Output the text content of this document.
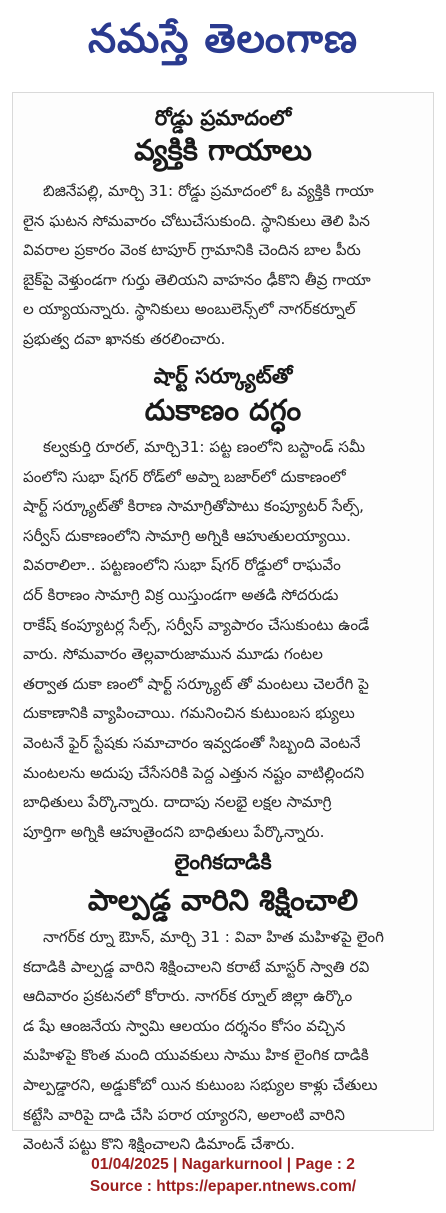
నమస్తే తెలంగాణ
రోడ్డు ప్రమాదంలో
వ్యక్తికి గాయాలు
బిజినేపల్లి, మార్చి 31: రోడ్డు ప్రమాదంలో ఓ వ్యక్తికి గాయా
లైన ఘటన సోమవారం చోటుచేసుకుంది. స్థానికులు తెలి పిన
వివరాల ప్రకారం వెంక టాపూర్ గ్రామానికి చెందిన బాల పీరు
బైక్‌పై వెళ్తుండగా గుర్తు తెలియని వాహనం ఢీకొని తీవ్ర గాయా
ల య్యాయన్నారు. స్థానికులు అంబులెన్స్‌లో నాగర్‌కర్నూల్
ప్రభుత్వ దవా ఖానకు తరలించారు.
షార్ట్ సర్క్యూట్‌తో
దుకాణం దగ్ధం
కల్వకుర్తి రూరల్, మార్చి31: పట్ట ణంలోని బస్టాండ్ సమీ
పంలోని సుభా ష్‌గర్ రోడ్‌లో అప్నా బజార్‌లో దుకాణంలో
షార్ట్ సర్క్యూట్‌తో కిరాణ సామాగ్రితోపాటు కంప్యూటర్ సేల్స్,
సర్వీస్ దుకాణంలోని సామాగ్రి అగ్నికి ఆహుతులయ్యాయి.
వివరాలిలా.. పట్టణంలోని సుభా ష్‌గర్ రోడ్డులో రాఘవేం
దర్ కిరాణం సామాగ్రి విక్ర యిస్తుండగా అతడి సోదరుడు
రాకేష్ కంప్యూటర్ల సేల్స్, సర్వీస్ వ్యాపారం చేసుకుంటు ఉండే
వారు. సోమవారం తెల్లవారుజామున మూడు గంటల
తర్వాత దుకా ణంలో షార్ట్ సర్క్యూట్ తో మంటలు చెలరేగి పై
దుకాణానికి వ్యాపించాయి. గమనించిన కుటుంబస భ్యులు
వెంటనే ఫైర్ స్టేషకు సమాచారం ఇవ్వడంతో సిబ్బంది వెంటనే
మంటలను అదుపు చేసేసరికి పెద్ద ఎత్తున నష్టం వాటిల్లిందని
బాధితులు పేర్కొన్నారు. దాదాపు నలభై లక్షల సామాగ్రి
పూర్తిగా అగ్నికి ఆహుతైందని బాధితులు పేర్కొన్నారు.
లైంగికదాడికి
పాల్పడ్డ వారిని శిక్షించాలి
నాగర్‌క ర్నూ ఔూన్, మార్చి 31 : వివా హిత మహిళపై లైంగి
కదాడికి పాల్పడ్డ వారిని శిక్షించాలని కరాటే మాస్టర్ స్వాతి రవి
ఆదివారం ప్రకటనలో కోరారు. నాగర్‌క ర్నూల్ జిల్లా ఉర్కొం
డ షేు ఆంజనేయ స్వామి ఆలయం దర్శనం కోసం వచ్చిన
మహిళపై కొంత మంది యువకులు సాము హిక లైంగిక దాడికి
పాల్పడ్డారని, అడ్డుకోబో యిన కుటుంబ సభ్యుల కాళ్లు చేతులు
కట్టేసి వారిపై దాడి చేసి పరార య్యారని, అలాంటి వారిని
వెంటనే పట్టు కొని శిక్షించాలని డిమాండ్ చేశారు.
01/04/2025 | Nagarkurnool | Page : 2
Source : https://epaper.ntnews.com/
